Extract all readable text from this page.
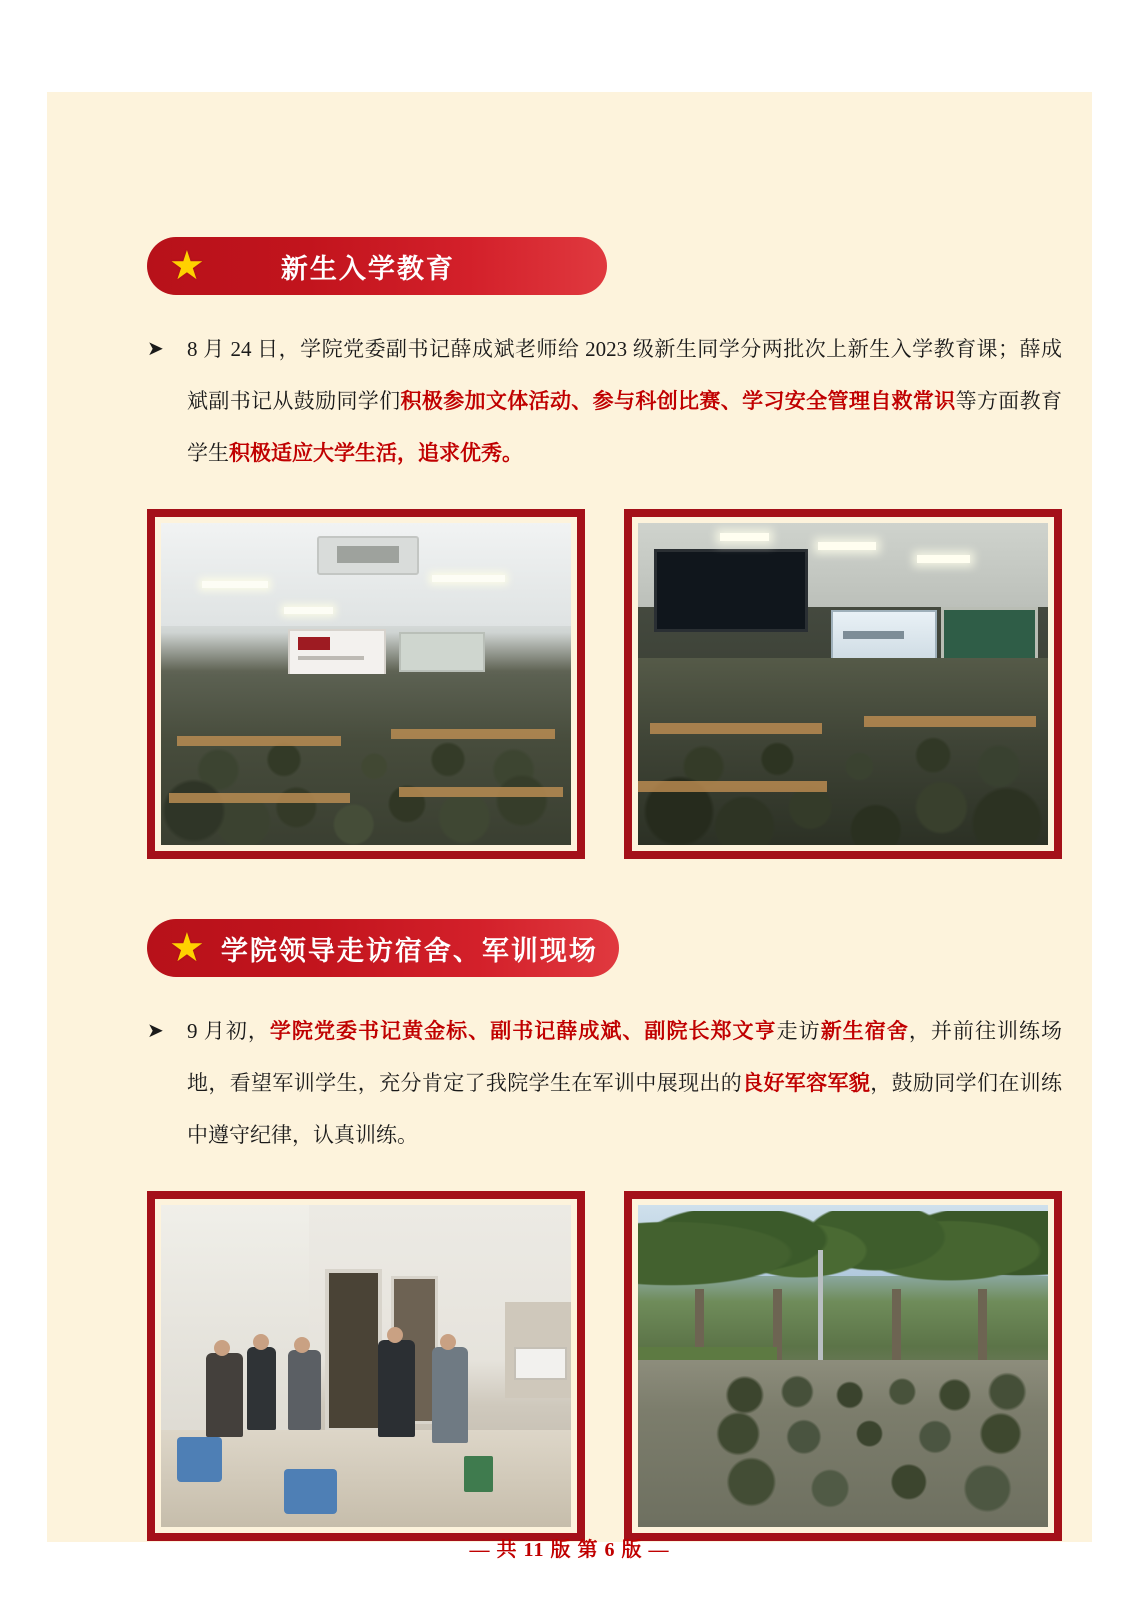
★	新生入学教育
➤ 8 月 24 日，学院党委副书记薛成斌老师给 2023 级新生同学分两批次上新生入学教育课；薛成斌副书记从鼓励同学们积极参加文体活动、参与科创比赛、学习安全管理自救常识等方面教育学生积极适应大学生活，追求优秀。
★ 学院领导走访宿舍、军训现场
➤ 9 月初，学院党委书记黄金标、副书记薛成斌、副院长郑文亨走访新生宿舍，并前往训练场地，看望军训学生，充分肯定了我院学生在军训中展现出的良好军容军貌，鼓励同学们在训练中遵守纪律，认真训练。
— 共 11 版 第 6 版 —
